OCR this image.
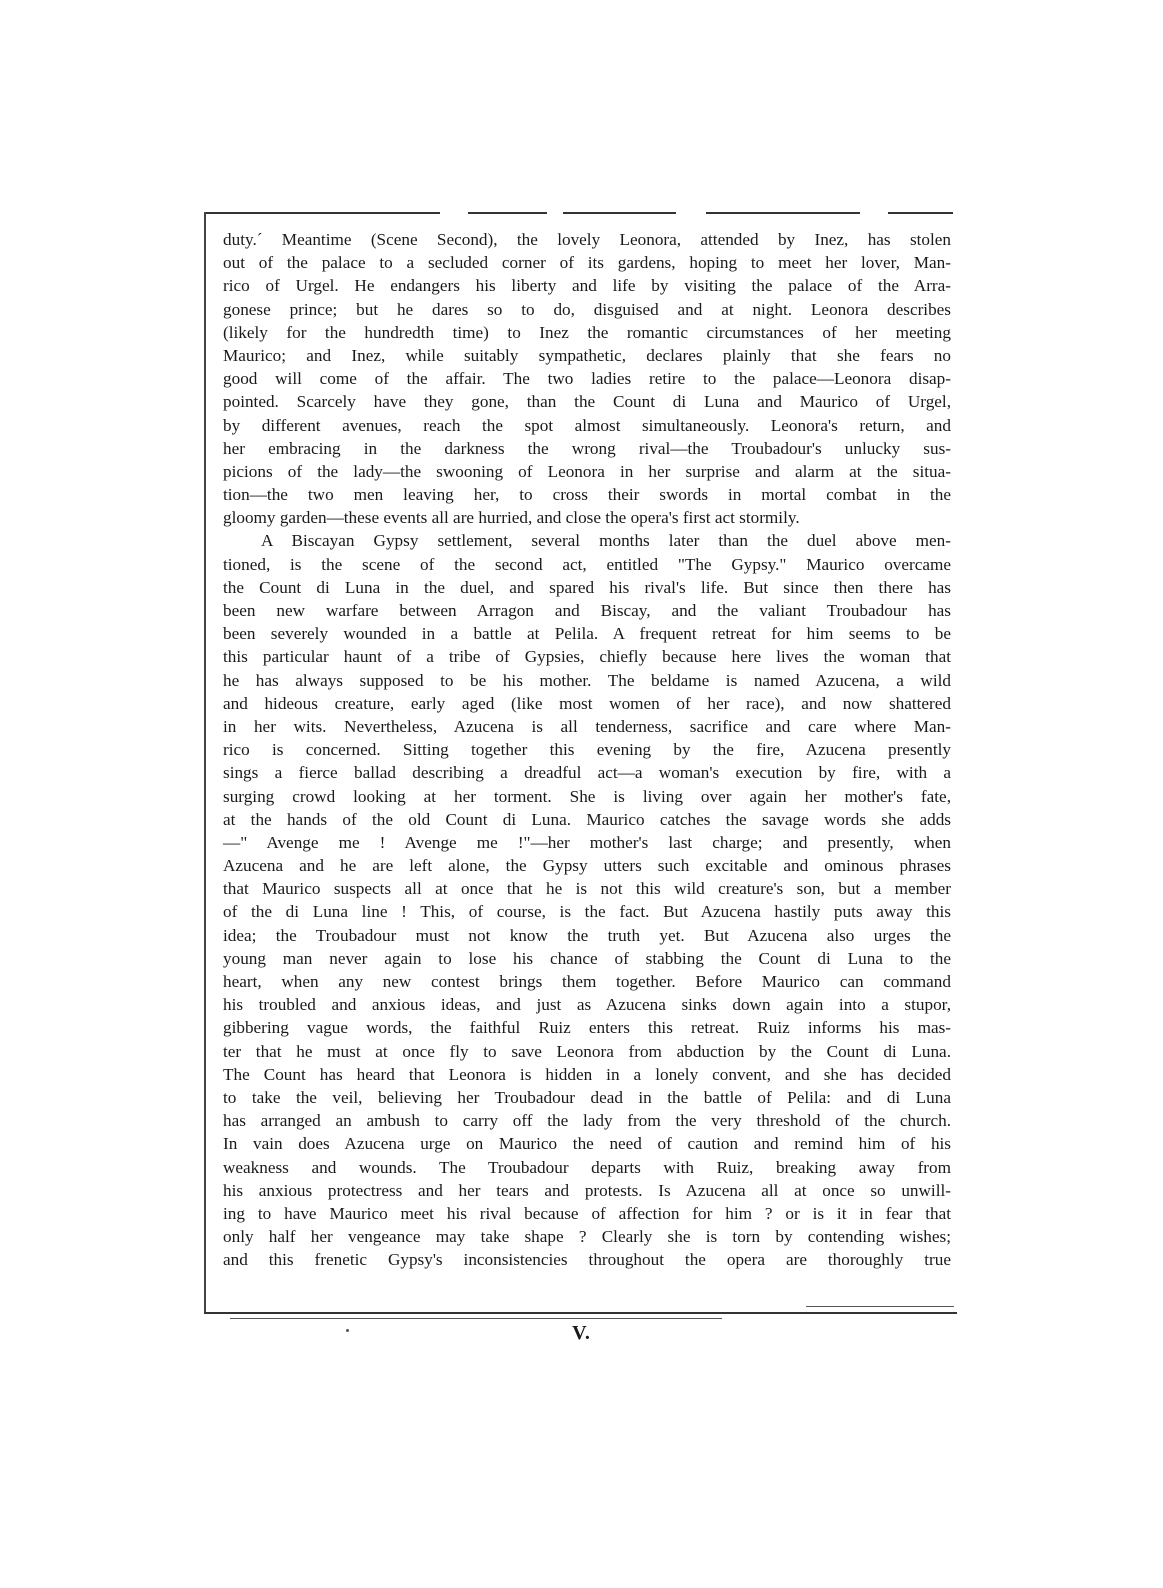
duty.´ Meantime (Scene Second), the lovely Leonora, attended by Inez, has stolen
out of the palace to a secluded corner of its gardens, hoping to meet her lover, Man-
rico of Urgel. He endangers his liberty and life by visiting the palace of the Arra-
gonese prince; but he dares so to do, disguised and at night. Leonora describes
(likely for the hundredth time) to Inez the romantic circumstances of her meeting
Maurico; and Inez, while suitably sympathetic, declares plainly that she fears no
good will come of the affair. The two ladies retire to the palace—Leonora disap-
pointed. Scarcely have they gone, than the Count di Luna and Maurico of Urgel,
by different avenues, reach the spot almost simultaneously. Leonora's return, and
her embracing in the darkness the wrong rival—the Troubadour's unlucky sus-
picions of the lady—the swooning of Leonora in her surprise and alarm at the situa-
tion—the two men leaving her, to cross their swords in mortal combat in the
gloomy garden—these events all are hurried, and close the opera's first act stormily.
A Biscayan Gypsy settlement, several months later than the duel above men-
tioned, is the scene of the second act, entitled "The Gypsy." Maurico overcame
the Count di Luna in the duel, and spared his rival's life. But since then there has
been new warfare between Arragon and Biscay, and the valiant Troubadour has
been severely wounded in a battle at Pelila. A frequent retreat for him seems to be
this particular haunt of a tribe of Gypsies, chiefly because here lives the woman that
he has always supposed to be his mother. The beldame is named Azucena, a wild
and hideous creature, early aged (like most women of her race), and now shattered
in her wits. Nevertheless, Azucena is all tenderness, sacrifice and care where Man-
rico is concerned. Sitting together this evening by the fire, Azucena presently
sings a fierce ballad describing a dreadful act—a woman's execution by fire, with a
surging crowd looking at her torment. She is living over again her mother's fate,
at the hands of the old Count di Luna. Maurico catches the savage words she adds
—" Avenge me ! Avenge me !"—her mother's last charge; and presently, when
Azucena and he are left alone, the Gypsy utters such excitable and ominous phrases
that Maurico suspects all at once that he is not this wild creature's son, but a member
of the di Luna line ! This, of course, is the fact. But Azucena hastily puts away this
idea; the Troubadour must not know the truth yet. But Azucena also urges the
young man never again to lose his chance of stabbing the Count di Luna to the
heart, when any new contest brings them together. Before Maurico can command
his troubled and anxious ideas, and just as Azucena sinks down again into a stupor,
gibbering vague words, the faithful Ruiz enters this retreat. Ruiz informs his mas-
ter that he must at once fly to save Leonora from abduction by the Count di Luna.
The Count has heard that Leonora is hidden in a lonely convent, and she has decided
to take the veil, believing her Troubadour dead in the battle of Pelila: and di Luna
has arranged an ambush to carry off the lady from the very threshold of the church.
In vain does Azucena urge on Maurico the need of caution and remind him of his
weakness and wounds. The Troubadour departs with Ruiz, breaking away from
his anxious protectress and her tears and protests. Is Azucena all at once so unwill-
ing to have Maurico meet his rival because of affection for him ? or is it in fear that
only half her vengeance may take shape ? Clearly she is torn by contending wishes;
and this frenetic Gypsy's inconsistencies throughout the opera are thoroughly true
V.
